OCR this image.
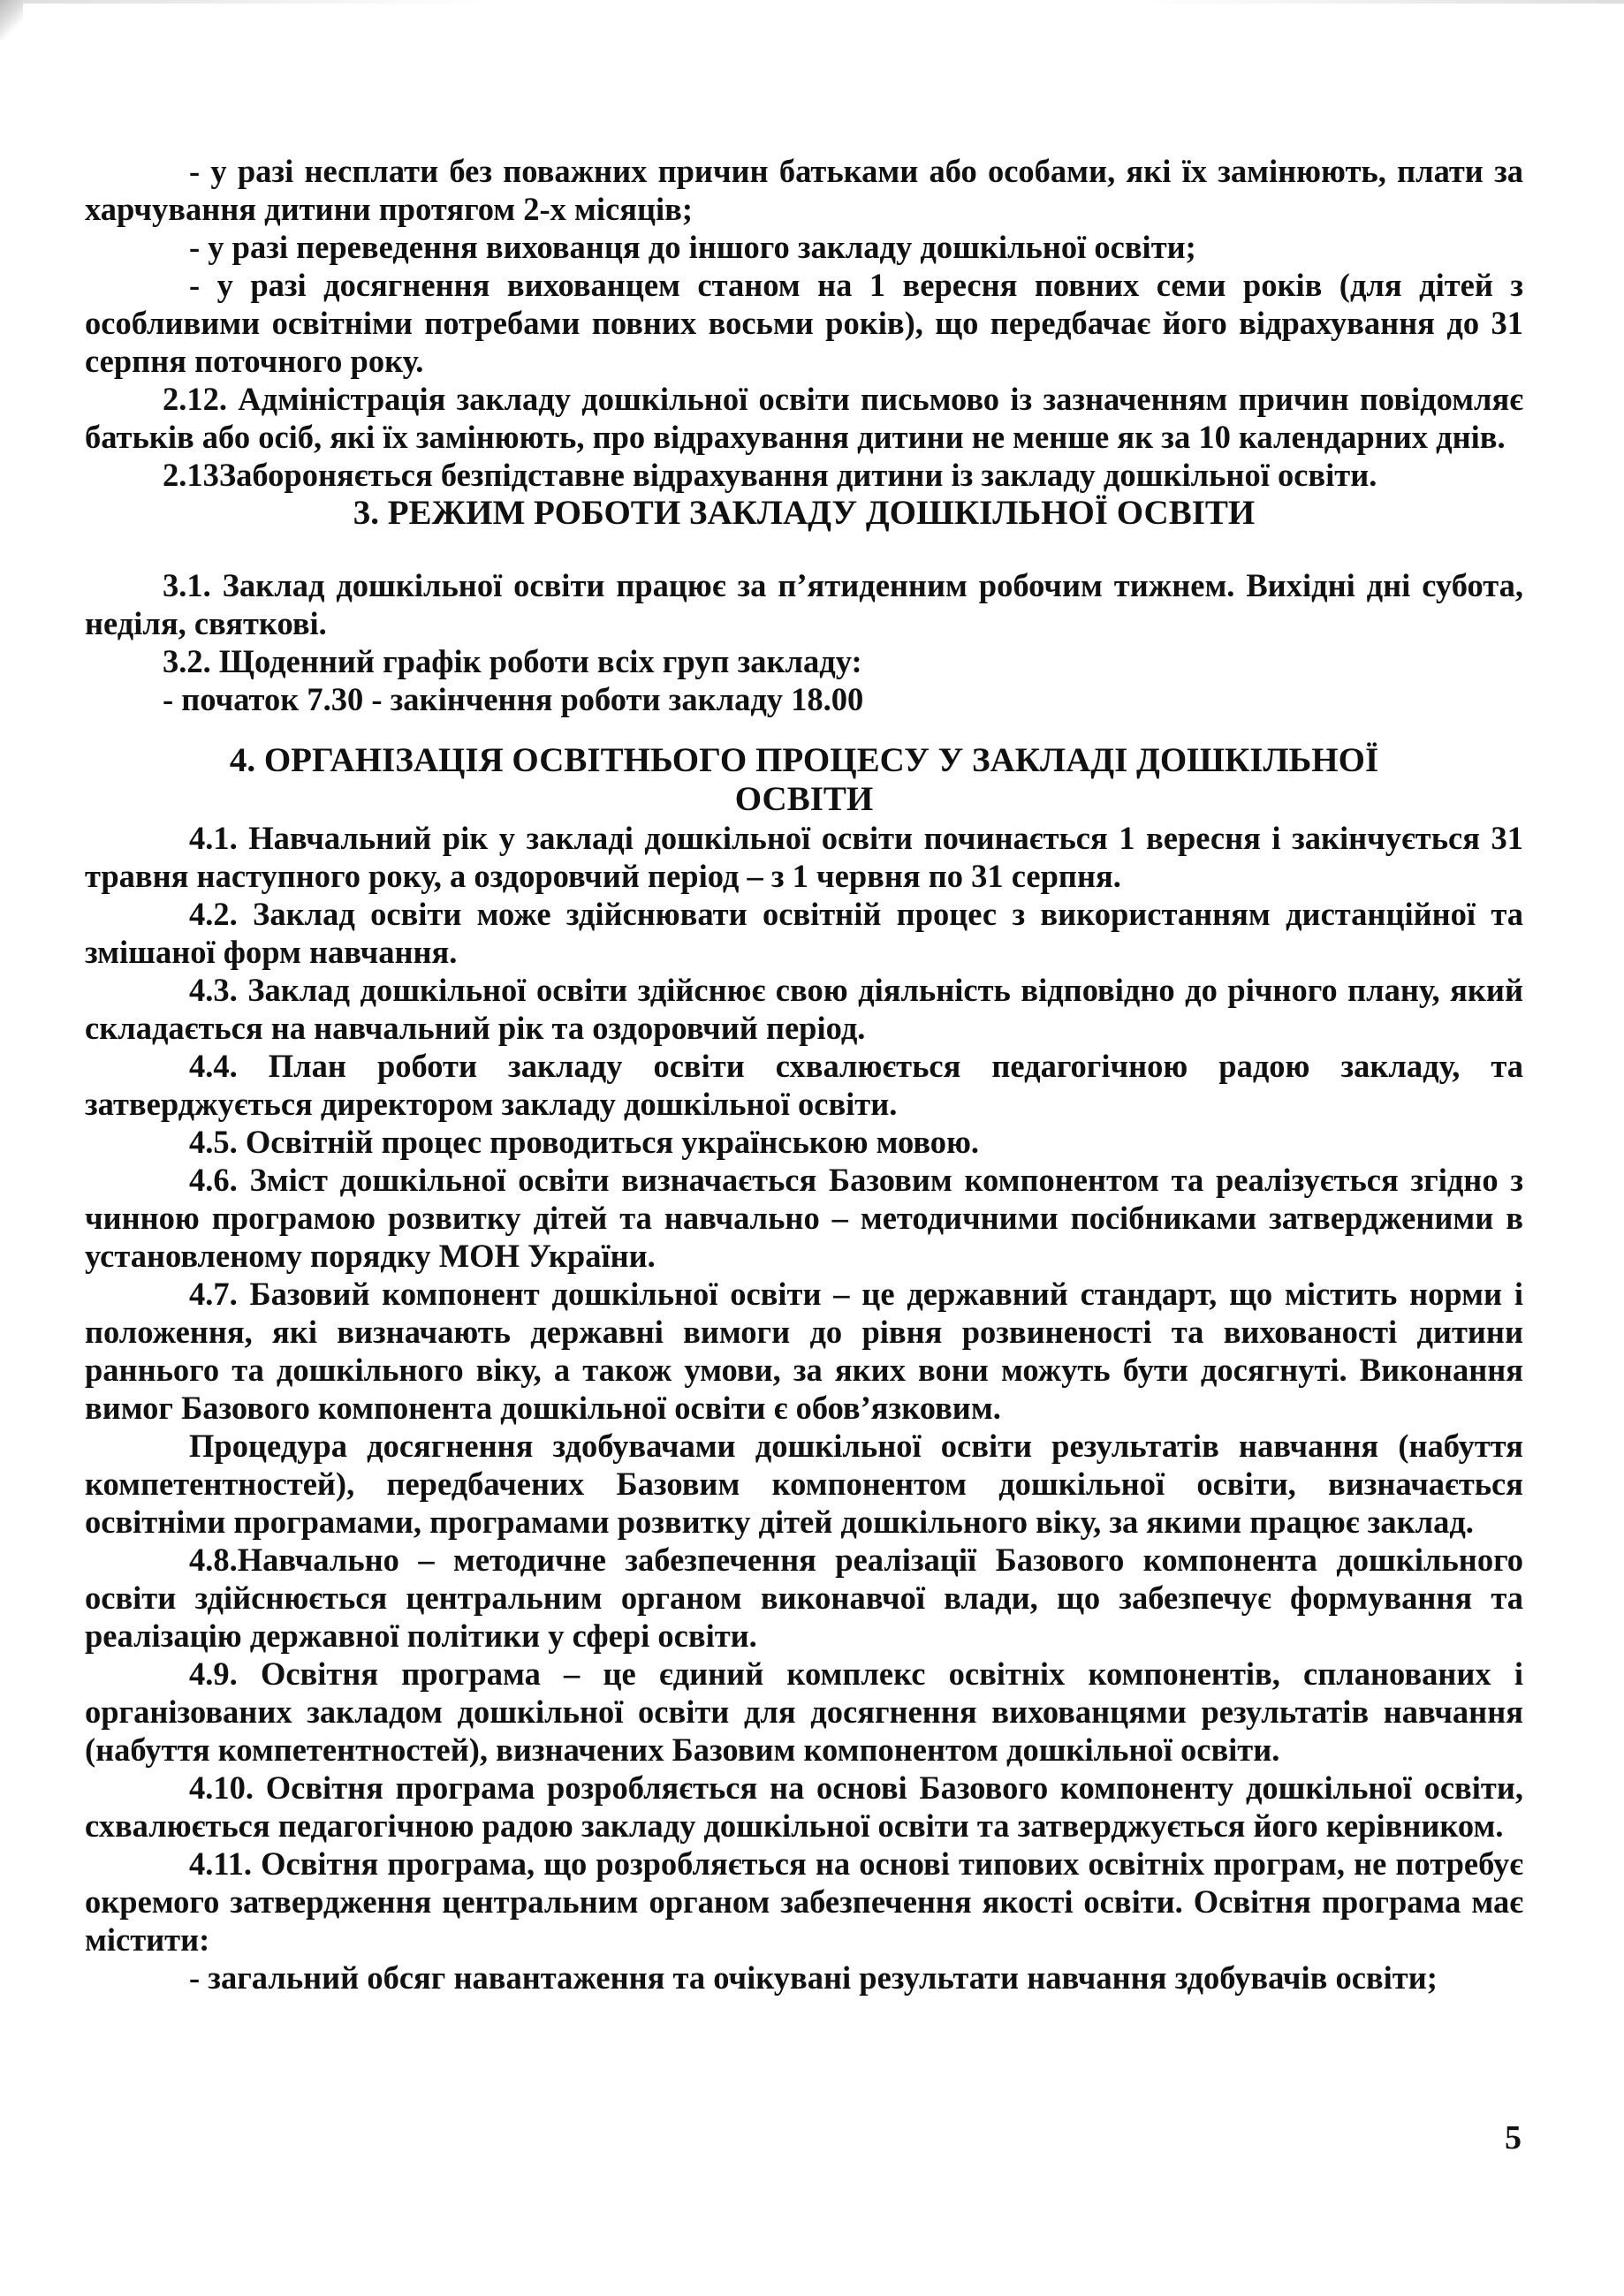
- у разі несплати без поважних причин батьками або особами, які їх замінюють, плати за харчування дитини протягом 2-х місяців;

- у разі переведення вихованця до іншого закладу дошкільної освіти;

- у разі досягнення вихованцем станом на 1 вересня повних семи років (для дітей з особливими освітніми потребами повних восьми років), що передбачає його відрахування до 31 серпня поточного року.

2.12. Адміністрація закладу дошкільної освіти письмово із зазначенням причин повідомляє батьків або осіб, які їх замінюють, про відрахування дитини не менше як за 10 календарних днів.

2.13Забороняється безпідставне відрахування дитини із закладу дошкільної освіти.

3. РЕЖИМ РОБОТИ ЗАКЛАДУ ДОШКІЛЬНОЇ ОСВІТИ

3.1. Заклад дошкільної освіти працює за п’ятиденним робочим тижнем. Вихідні дні субота, неділя, святкові.

3.2. Щоденний графік роботи всіх груп закладу:

- початок 7.30 - закінчення роботи закладу 18.00

4. ОРГАНІЗАЦІЯ ОСВІТНЬОГО ПРОЦЕСУ У ЗАКЛАДІ ДОШКІЛЬНОЇ
ОСВІТИ

4.1. Навчальний рік у закладі дошкільної освіти починається 1 вересня і закінчується 31 травня наступного року, а оздоровчий період – з 1 червня по 31 серпня.

4.2. Заклад освіти може здійснювати освітній процес з використанням дистанційної та змішаної форм навчання.

4.3. Заклад дошкільної освіти здійснює свою діяльність відповідно до річного плану, який складається на навчальний рік та оздоровчий період.

4.4. План роботи закладу освіти схвалюється педагогічною радою закладу, та затверджується директором закладу дошкільної освіти.

4.5. Освітній процес проводиться українською мовою.

4.6. Зміст дошкільної освіти визначається Базовим компонентом та реалізується згідно з чинною програмою розвитку дітей та навчально – методичними посібниками затвердженими в установленому порядку МОН України.

4.7. Базовий компонент дошкільної освіти – це державний стандарт, що містить норми і положення, які визначають державні вимоги до рівня розвиненості та вихованості дитини раннього та дошкільного віку, а також умови, за яких вони можуть бути досягнуті. Виконання вимог Базового компонента дошкільної освіти є обов’язковим.

Процедура досягнення здобувачами дошкільної освіти результатів навчання (набуття компетентностей), передбачених Базовим компонентом дошкільної освіти, визначається освітніми програмами, програмами розвитку дітей дошкільного віку, за якими працює заклад.

4.8.Навчально – методичне забезпечення реалізації Базового компонента дошкільного освіти здійснюється центральним органом виконавчої влади, що забезпечує формування та реалізацію державної політики у сфері освіти.

4.9. Освітня програма – це єдиний комплекс освітніх компонентів, спланованих і організованих закладом дошкільної освіти для досягнення вихованцями результатів навчання (набуття компетентностей), визначених Базовим компонентом дошкільної освіти.

4.10. Освітня програма розробляється на основі Базового компоненту дошкільної освіти, схвалюється педагогічною радою закладу дошкільної освіти та затверджується його керівником.

4.11. Освітня програма, що розробляється на основі типових освітніх програм, не потребує окремого затвердження центральним органом забезпечення якості освіти. Освітня програма має містити:

- загальний обсяг навантаження та очікувані результати навчання здобувачів освіти;

5
